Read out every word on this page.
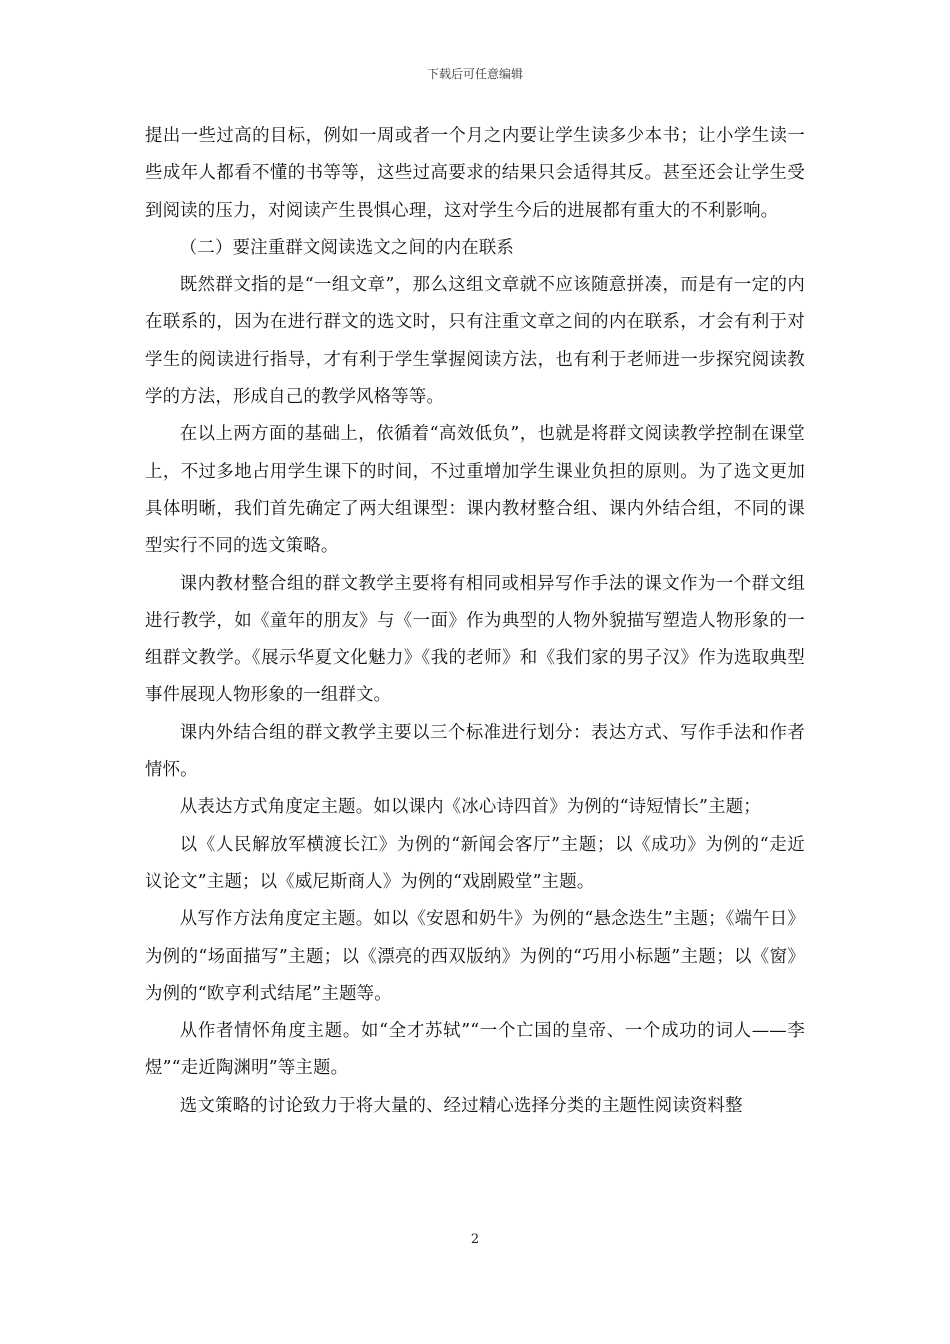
下载后可任意编辑

提出一些过高的目标，例如一周或者一个月之内要让学生读多少本书；让小学生读一些成年人都看不懂的书等等，这些过高要求的结果只会适得其反。甚至还会让学生受到阅读的压力，对阅读产生畏惧心理，这对学生今后的进展都有重大的不利影响。

（二）要注重群文阅读选文之间的内在联系

既然群文指的是“一组文章”，那么这组文章就不应该随意拼凑，而是有一定的内在联系的，因为在进行群文的选文时，只有注重文章之间的内在联系，才会有利于对学生的阅读进行指导，才有利于学生掌握阅读方法，也有利于老师进一步探究阅读教学的方法，形成自己的教学风格等等。

在以上两方面的基础上，依循着“高效低负”，也就是将群文阅读教学控制在课堂上，不过多地占用学生课下的时间，不过重增加学生课业负担的原则。为了选文更加具体明晰，我们首先确定了两大组课型：课内教材整合组、课内外结合组，不同的课型实行不同的选文策略。

课内教材整合组的群文教学主要将有相同或相异写作手法的课文作为一个群文组进行教学，如《童年的朋友》与《一面》作为典型的人物外貌描写塑造人物形象的一组群文教学。《展示华夏文化魅力》《我的老师》和《我们家的男子汉》作为选取典型事件展现人物形象的一组群文。

课内外结合组的群文教学主要以三个标准进行划分：表达方式、写作手法和作者情怀。

从表达方式角度定主题。如以课内《冰心诗四首》为例的“诗短情长”主题；

以《人民解放军横渡长江》为例的“新闻会客厅”主题；以《成功》为例的“走近议论文”主题；以《威尼斯商人》为例的“戏剧殿堂”主题。

从写作方法角度定主题。如以《安恩和奶牛》为例的“悬念迭生”主题；《端午日》为例的“场面描写”主题；以《漂亮的西双版纳》为例的“巧用小标题”主题；以《窗》为例的“欧亨利式结尾”主题等。

从作者情怀角度主题。如“全才苏轼”“一个亡国的皇帝、一个成功的词人——李煜”“走近陶渊明”等主题。

选文策略的讨论致力于将大量的、经过精心选择分类的主题性阅读资料整

2
